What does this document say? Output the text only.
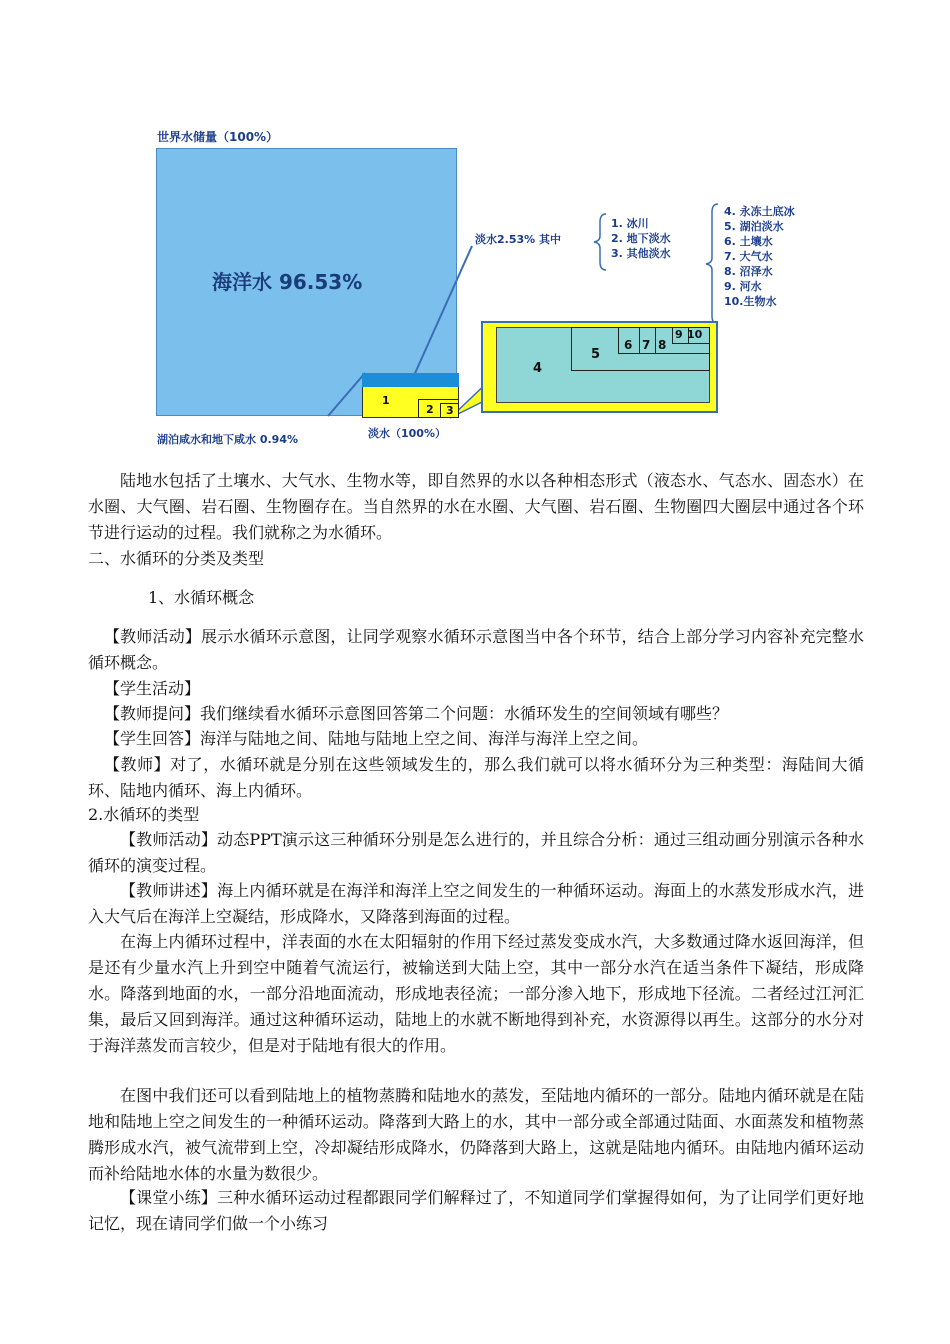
世界水储量（100%）
海洋水 96.53%
1
2 3
湖泊咸水和地下咸水 0.94%	淡水（100%）
淡水2.53% 其中
1. 冰川
2. 地下淡水
3. 其他淡水
4. 永冻土底冰
5. 湖泊淡水
6. 土壤水
7. 大气水
8. 沼泽水
9. 河水
10.生物水
4
5
6 7 8
9 10
陆地水包括了土壤水、大气水、生物水等，即自然界的水以各种相态形式（液态水、气态水、固态水）在水圈、大气圈、岩石圈、生物圈存在。当自然界的水在水圈、大气圈、岩石圈、生物圈四大圈层中通过各个环节进行运动的过程。我们就称之为水循环。
二、水循环的分类及类型
1、水循环概念
【教师活动】展示水循环示意图，让同学观察水循环示意图当中各个环节，结合上部分学习内容补充完整水循环概念。
【学生活动】
【教师提问】我们继续看水循环示意图回答第二个问题：水循环发生的空间领域有哪些？
【学生回答】海洋与陆地之间、陆地与陆地上空之间、海洋与海洋上空之间。
【教师】对了，水循环就是分别在这些领域发生的，那么我们就可以将水循环分为三种类型：海陆间大循环、陆地内循环、海上内循环。
2.水循环的类型
【教师活动】动态PPT演示这三种循环分别是怎么进行的，并且综合分析：通过三组动画分别演示各种水循环的演变过程。
【教师讲述】海上内循环就是在海洋和海洋上空之间发生的一种循环运动。海面上的水蒸发形成水汽，进入大气后在海洋上空凝结，形成降水，又降落到海面的过程。
在海上内循环过程中，洋表面的水在太阳辐射的作用下经过蒸发变成水汽，大多数通过降水返回海洋，但是还有少量水汽上升到空中随着气流运行，被输送到大陆上空，其中一部分水汽在适当条件下凝结，形成降水。降落到地面的水，一部分沿地面流动，形成地表径流；一部分渗入地下，形成地下径流。二者经过江河汇集，最后又回到海洋。通过这种循环运动，陆地上的水就不断地得到补充，水资源得以再生。这部分的水分对于海洋蒸发而言较少，但是对于陆地有很大的作用。
在图中我们还可以看到陆地上的植物蒸腾和陆地水的蒸发，至陆地内循环的一部分。陆地内循环就是在陆地和陆地上空之间发生的一种循环运动。降落到大路上的水，其中一部分或全部通过陆面、水面蒸发和植物蒸腾形成水汽，被气流带到上空，冷却凝结形成降水，仍降落到大路上，这就是陆地内循环。由陆地内循环运动而补给陆地水体的水量为数很少。
【课堂小练】三种水循环运动过程都跟同学们解释过了，不知道同学们掌握得如何，为了让同学们更好地记忆，现在请同学们做一个小练习
